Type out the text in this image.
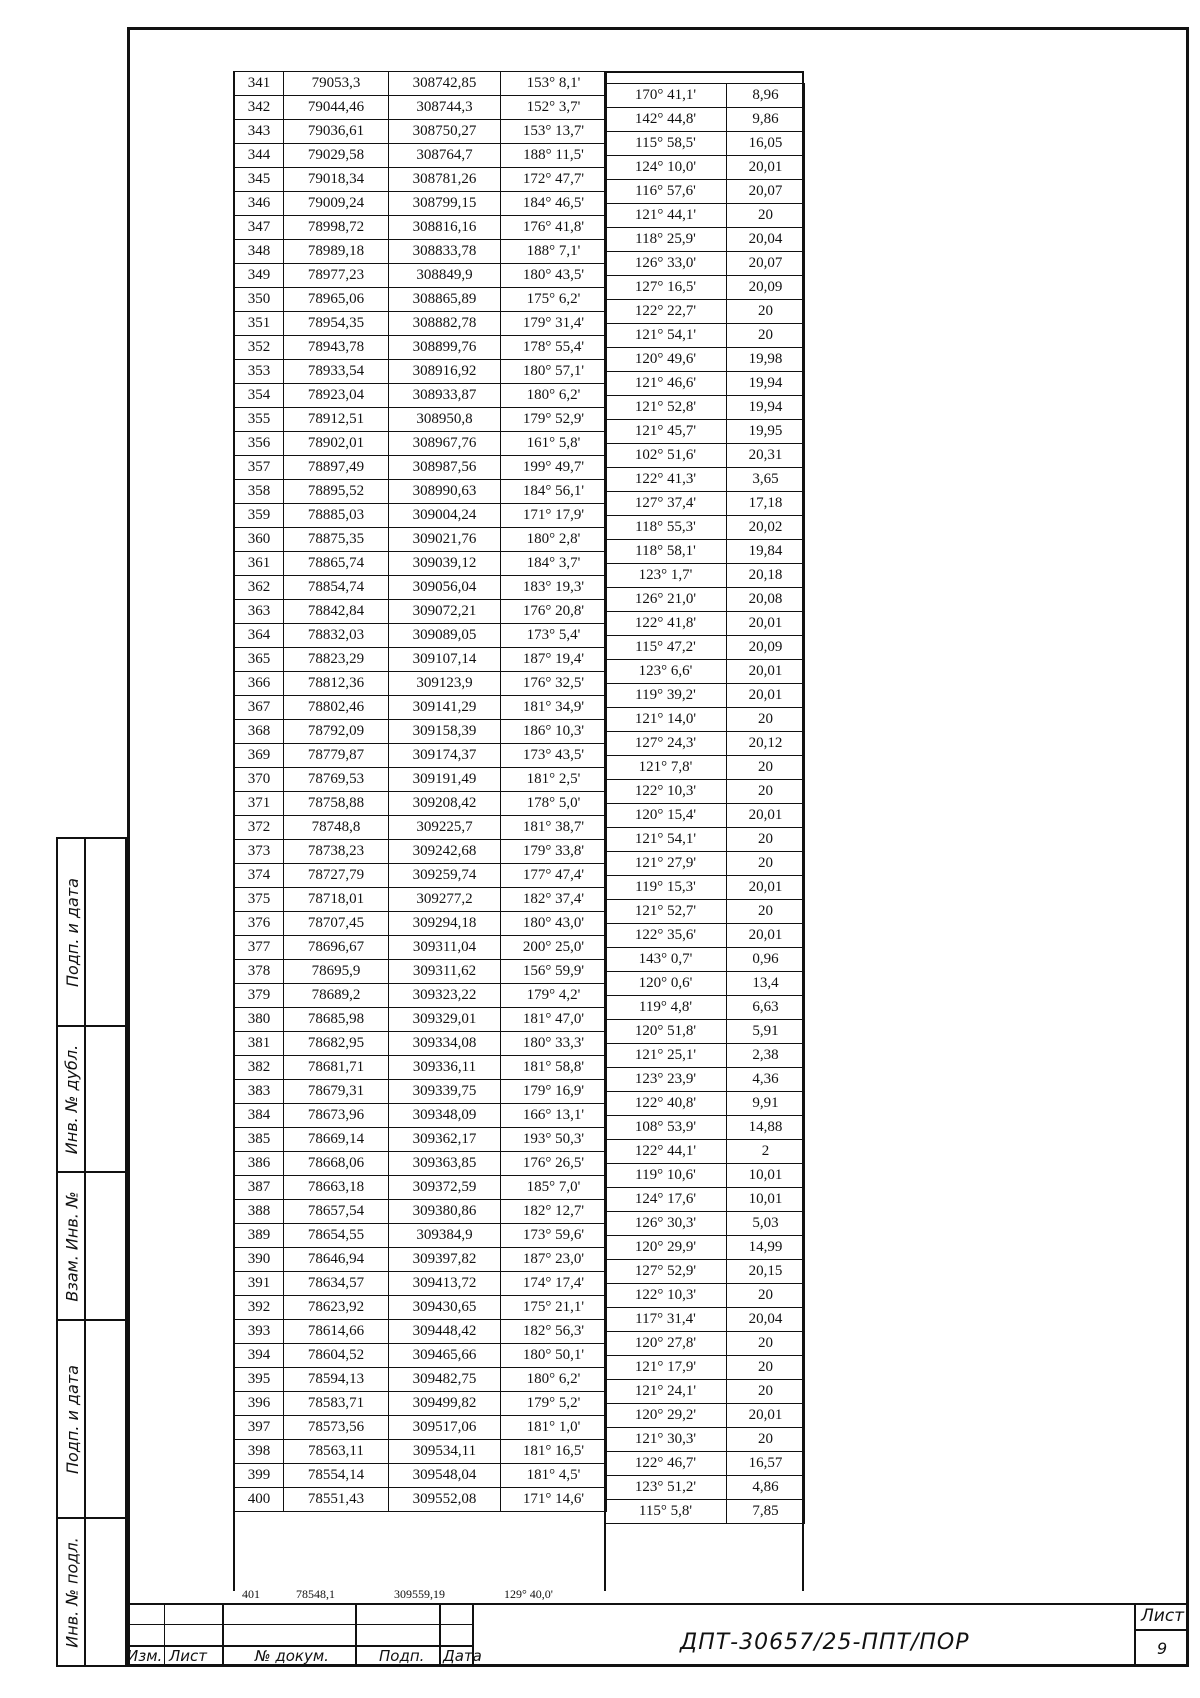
Подп. и дата
Инв. № дубл.
Взам. Инв. №
Подп. и дата
Инв. № подл.
341	79053,3	308742,85	153° 8,1'
342	79044,46	308744,3	152° 3,7'
343	79036,61	308750,27	153° 13,7'
344	79029,58	308764,7	188° 11,5'
345	79018,34	308781,26	172° 47,7'
346	79009,24	308799,15	184° 46,5'
347	78998,72	308816,16	176° 41,8'
348	78989,18	308833,78	188° 7,1'
349	78977,23	308849,9	180° 43,5'
350	78965,06	308865,89	175° 6,2'
351	78954,35	308882,78	179° 31,4'
352	78943,78	308899,76	178° 55,4'
353	78933,54	308916,92	180° 57,1'
354	78923,04	308933,87	180° 6,2'
355	78912,51	308950,8	179° 52,9'
356	78902,01	308967,76	161° 5,8'
357	78897,49	308987,56	199° 49,7'
358	78895,52	308990,63	184° 56,1'
359	78885,03	309004,24	171° 17,9'
360	78875,35	309021,76	180° 2,8'
361	78865,74	309039,12	184° 3,7'
362	78854,74	309056,04	183° 19,3'
363	78842,84	309072,21	176° 20,8'
364	78832,03	309089,05	173° 5,4'
365	78823,29	309107,14	187° 19,4'
366	78812,36	309123,9	176° 32,5'
367	78802,46	309141,29	181° 34,9'
368	78792,09	309158,39	186° 10,3'
369	78779,87	309174,37	173° 43,5'
370	78769,53	309191,49	181° 2,5'
371	78758,88	309208,42	178° 5,0'
372	78748,8	309225,7	181° 38,7'
373	78738,23	309242,68	179° 33,8'
374	78727,79	309259,74	177° 47,4'
375	78718,01	309277,2	182° 37,4'
376	78707,45	309294,18	180° 43,0'
377	78696,67	309311,04	200° 25,0'
378	78695,9	309311,62	156° 59,9'
379	78689,2	309323,22	179° 4,2'
380	78685,98	309329,01	181° 47,0'
381	78682,95	309334,08	180° 33,3'
382	78681,71	309336,11	181° 58,8'
383	78679,31	309339,75	179° 16,9'
384	78673,96	309348,09	166° 13,1'
385	78669,14	309362,17	193° 50,3'
386	78668,06	309363,85	176° 26,5'
387	78663,18	309372,59	185° 7,0'
388	78657,54	309380,86	182° 12,7'
389	78654,55	309384,9	173° 59,6'
390	78646,94	309397,82	187° 23,0'
391	78634,57	309413,72	174° 17,4'
392	78623,92	309430,65	175° 21,1'
393	78614,66	309448,42	182° 56,3'
394	78604,52	309465,66	180° 50,1'
395	78594,13	309482,75	180° 6,2'
396	78583,71	309499,82	179° 5,2'
397	78573,56	309517,06	181° 1,0'
398	78563,11	309534,11	181° 16,5'
399	78554,14	309548,04	181° 4,5'
400	78551,43	309552,08	171° 14,6'
401	78548,1	309559,19	129° 40,0'
170° 41,1'	8,96
142° 44,8'	9,86
115° 58,5'	16,05
124° 10,0'	20,01
116° 57,6'	20,07
121° 44,1'	20
118° 25,9'	20,04
126° 33,0'	20,07
127° 16,5'	20,09
122° 22,7'	20
121° 54,1'	20
120° 49,6'	19,98
121° 46,6'	19,94
121° 52,8'	19,94
121° 45,7'	19,95
102° 51,6'	20,31
122° 41,3'	3,65
127° 37,4'	17,18
118° 55,3'	20,02
118° 58,1'	19,84
123° 1,7'	20,18
126° 21,0'	20,08
122° 41,8'	20,01
115° 47,2'	20,09
123° 6,6'	20,01
119° 39,2'	20,01
121° 14,0'	20
127° 24,3'	20,12
121° 7,8'	20
122° 10,3'	20
120° 15,4'	20,01
121° 54,1'	20
121° 27,9'	20
119° 15,3'	20,01
121° 52,7'	20
122° 35,6'	20,01
143° 0,7'	0,96
120° 0,6'	13,4
119° 4,8'	6,63
120° 51,8'	5,91
121° 25,1'	2,38
123° 23,9'	4,36
122° 40,8'	9,91
108° 53,9'	14,88
122° 44,1'	2
119° 10,6'	10,01
124° 17,6'	10,01
126° 30,3'	5,03
120° 29,9'	14,99
127° 52,9'	20,15
122° 10,3'	20
117° 31,4'	20,04
120° 27,8'	20
121° 17,9'	20
121° 24,1'	20
120° 29,2'	20,01
121° 30,3'	20
122° 46,7'	16,57
123° 51,2'	4,86
115° 5,8'	7,85
Изм. Лист	№ докум.	Подп. Дата
Лист
9
ДПТ-30657/25-ППТ/ПОР
